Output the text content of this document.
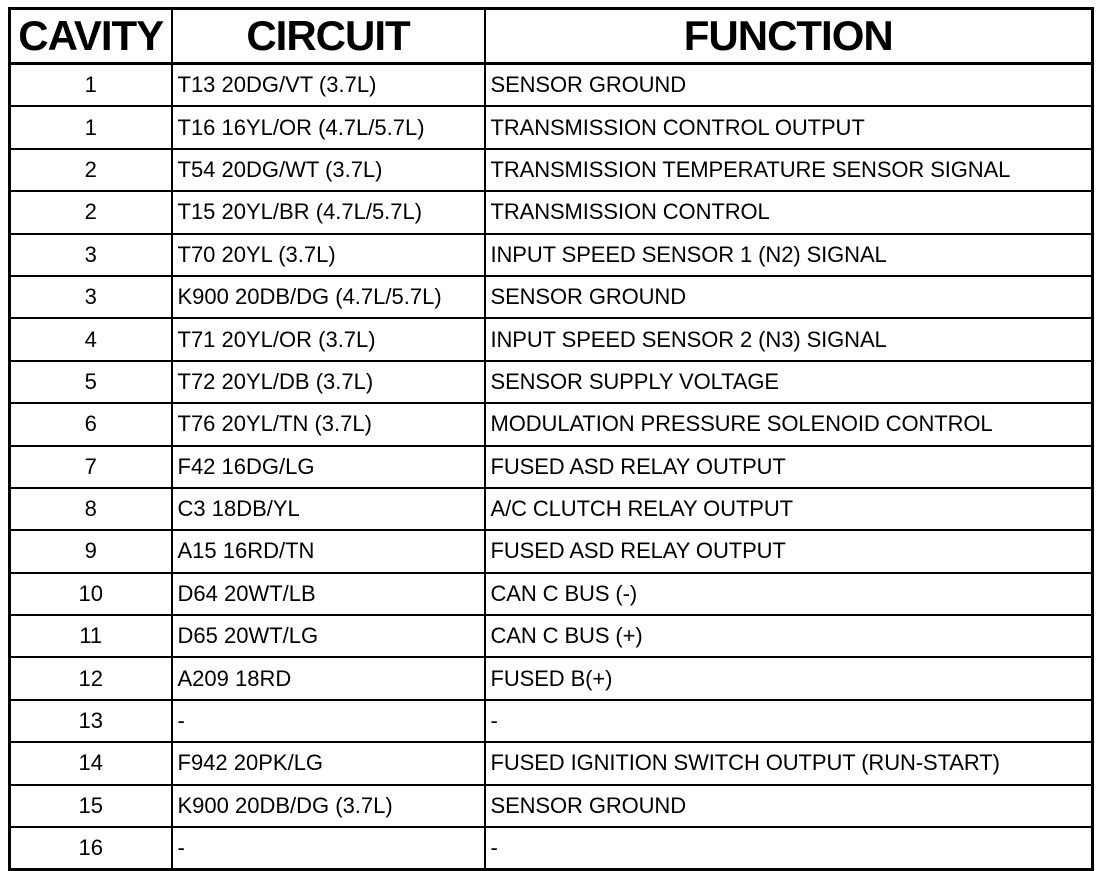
CAVITY	CIRCUIT	FUNCTION
1	T13 20DG/VT (3.7L)	SENSOR GROUND
1	T16 16YL/OR (4.7L/5.7L)	TRANSMISSION CONTROL OUTPUT
2	T54 20DG/WT (3.7L)	TRANSMISSION TEMPERATURE SENSOR SIGNAL
2	T15 20YL/BR (4.7L/5.7L)	TRANSMISSION CONTROL
3	T70 20YL (3.7L)	INPUT SPEED SENSOR 1 (N2) SIGNAL
3	K900 20DB/DG (4.7L/5.7L)	SENSOR GROUND
4	T71 20YL/OR (3.7L)	INPUT SPEED SENSOR 2 (N3) SIGNAL
5	T72 20YL/DB (3.7L)	SENSOR SUPPLY VOLTAGE
6	T76 20YL/TN (3.7L)	MODULATION PRESSURE SOLENOID CONTROL
7	F42 16DG/LG	FUSED ASD RELAY OUTPUT
8	C3 18DB/YL	A/C CLUTCH RELAY OUTPUT
9	A15 16RD/TN	FUSED ASD RELAY OUTPUT
10	D64 20WT/LB	CAN C BUS (-)
11	D65 20WT/LG	CAN C BUS (+)
12	A209 18RD	FUSED B(+)
13	-	-
14	F942 20PK/LG	FUSED IGNITION SWITCH OUTPUT (RUN-START)
15	K900 20DB/DG (3.7L)	SENSOR GROUND
16	-	-
